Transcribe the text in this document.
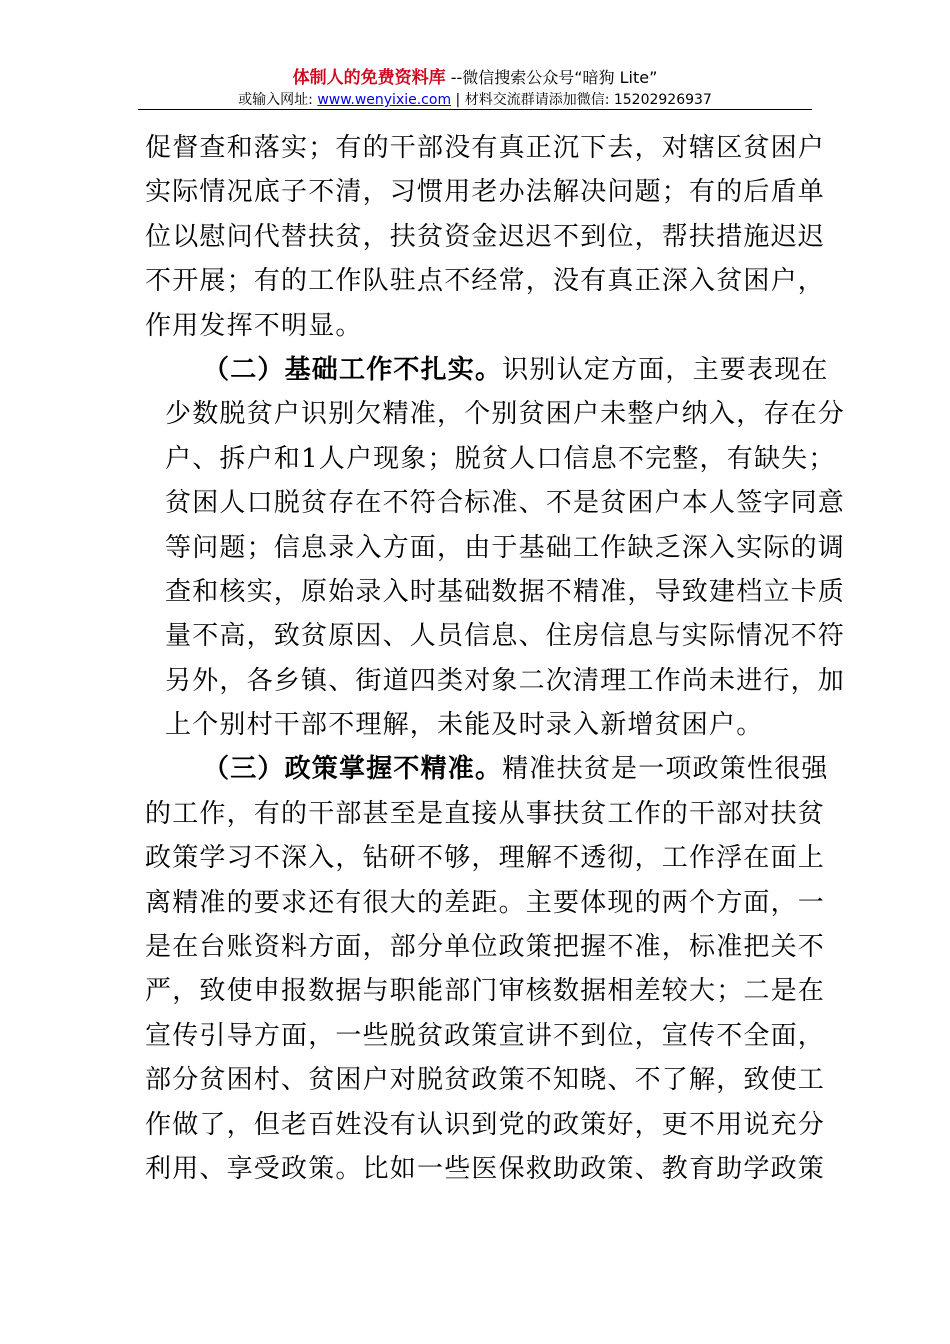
体制人的免费资料库 --微信搜索公众号“暗狗 Lite”
或输入网址: www.wenyixie.com | 材料交流群请添加微信: 15202926937
促督查和落实；有的干部没有真正沉下去，对辖区贫困户
实际情况底子不清，习惯用老办法解决问题；有的后盾单
位以慰问代替扶贫，扶贫资金迟迟不到位，帮扶措施迟迟
不开展；有的工作队驻点不经常，没有真正深入贫困户，
作用发挥不明显。
（二）基础工作不扎实。识别认定方面，主要表现在
少数脱贫户识别欠精准，个别贫困户未整户纳入，存在分
户、拆户和1人户现象；脱贫人口信息不完整，有缺失；
贫困人口脱贫存在不符合标准、不是贫困户本人签字同意
等问题；信息录入方面，由于基础工作缺乏深入实际的调
查和核实，原始录入时基础数据不精准，导致建档立卡质
量不高，致贫原因、人员信息、住房信息与实际情况不符
另外，各乡镇、街道四类对象二次清理工作尚未进行，加
上个别村干部不理解，未能及时录入新增贫困户。
（三）政策掌握不精准。精准扶贫是一项政策性很强
的工作，有的干部甚至是直接从事扶贫工作的干部对扶贫
政策学习不深入，钻研不够，理解不透彻，工作浮在面上
离精准的要求还有很大的差距。主要体现的两个方面，一
是在台账资料方面，部分单位政策把握不准，标准把关不
严，致使申报数据与职能部门审核数据相差较大；二是在
宣传引导方面，一些脱贫政策宣讲不到位，宣传不全面，
部分贫困村、贫困户对脱贫政策不知晓、不了解，致使工
作做了，但老百姓没有认识到党的政策好，更不用说充分
利用、享受政策。比如一些医保救助政策、教育助学政策
